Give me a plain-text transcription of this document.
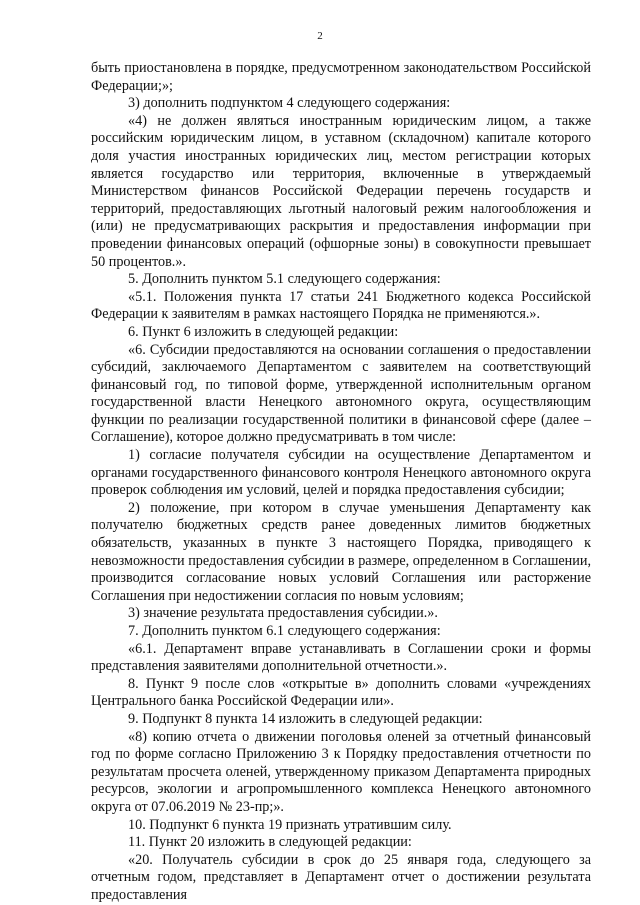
2

быть приостановлена в порядке, предусмотренном законодательством Российской Федерации;»;

3) дополнить подпунктом 4 следующего содержания:

«4) не должен являться иностранным юридическим лицом, а также российским юридическим лицом, в уставном (складочном) капитале которого доля участия иностранных юридических лиц, местом регистрации которых является государство или территория, включенные в утверждаемый Министерством финансов Российской Федерации перечень государств и территорий, предоставляющих льготный налоговый режим налогообложения и (или) не предусматривающих раскрытия и предоставления информации при проведении финансовых операций (офшорные зоны) в совокупности превышает 50 процентов.».

5. Дополнить пунктом 5.1 следующего содержания:

«5.1. Положения пункта 17 статьи 241 Бюджетного кодекса Российской Федерации к заявителям в рамках настоящего Порядка не применяются.».

6. Пункт 6 изложить в следующей редакции:

«6. Субсидии предоставляются на основании соглашения о предоставлении субсидий, заключаемого Департаментом с заявителем на соответствующий финансовый год, по типовой форме, утвержденной исполнительным органом государственной власти Ненецкого автономного округа, осуществляющим функции по реализации государственной политики в финансовой сфере (далее – Соглашение), которое должно предусматривать в том числе:

1) согласие получателя субсидии на осуществление Департаментом и органами государственного финансового контроля Ненецкого автономного округа проверок соблюдения им условий, целей и порядка предоставления субсидии;

2) положение, при котором в случае уменьшения Департаменту как получателю бюджетных средств ранее доведенных лимитов бюджетных обязательств, указанных в пункте 3 настоящего Порядка, приводящего к невозможности предоставления субсидии в размере, определенном в Соглашении, производится согласование новых условий Соглашения или расторжение Соглашения при недостижении согласия по новым условиям;

3) значение результата предоставления субсидии.».

7. Дополнить пунктом 6.1 следующего содержания:

«6.1. Департамент вправе устанавливать в Соглашении сроки и формы представления заявителями дополнительной отчетности.».

8. Пункт 9 после слов «открытые в» дополнить словами «учреждениях Центрального банка Российской Федерации или».

9. Подпункт 8 пункта 14 изложить в следующей редакции:

«8) копию отчета о движении поголовья оленей за отчетный финансовый год по форме согласно Приложению 3 к Порядку предоставления отчетности по результатам просчета оленей, утвержденному приказом Департамента природных ресурсов, экологии и агропромышленного комплекса Ненецкого автономного округа от 07.06.2019 № 23-пр;».

10. Подпункт 6 пункта 19 признать утратившим силу.

11. Пункт 20 изложить в следующей редакции:

«20. Получатель субсидии в срок до 25 января года, следующего за отчетным годом, представляет в Департамент отчет о достижении результата предоставления
